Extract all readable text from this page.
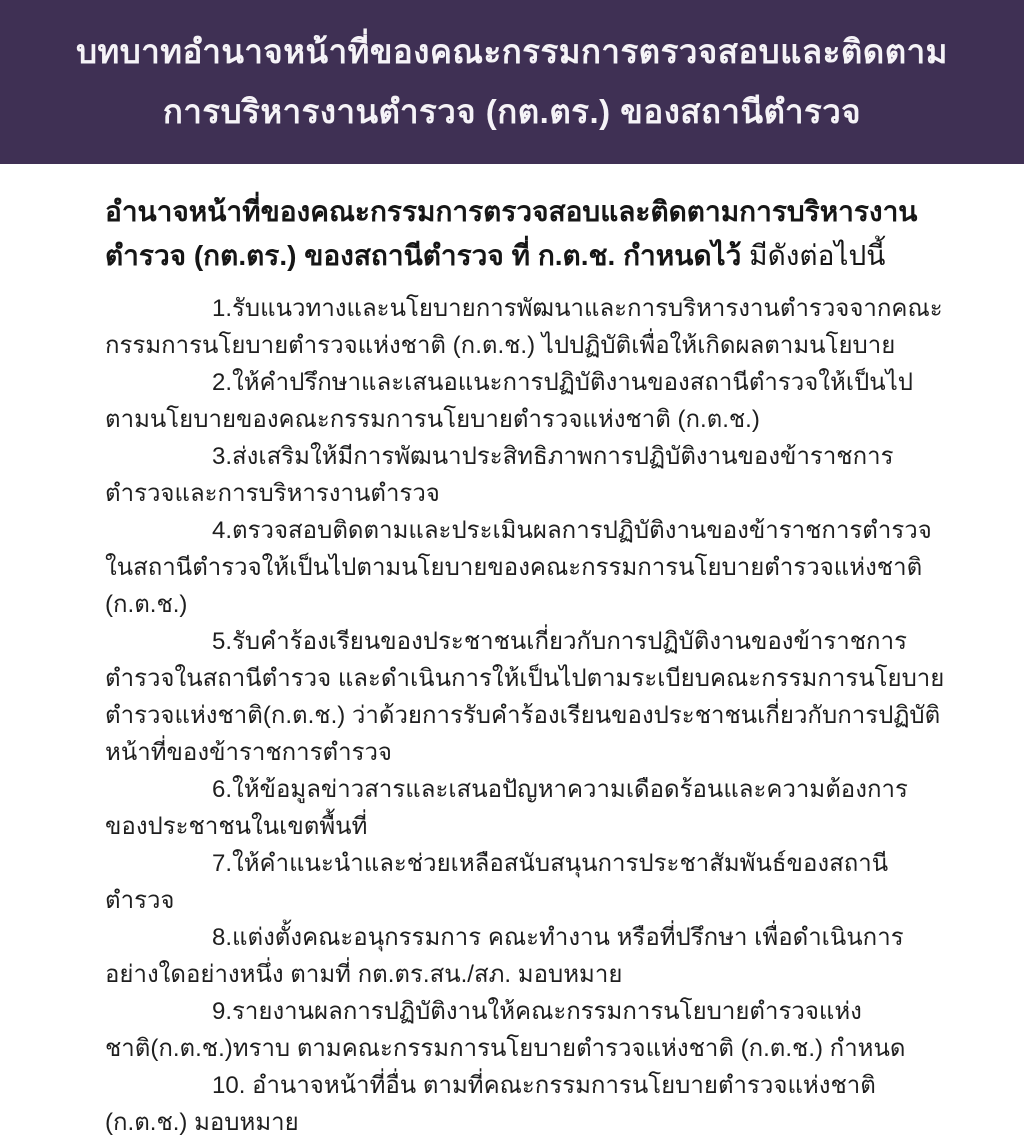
บทบาทอำนาจหน้าที่ของคณะกรรมการตรวจสอบและติดตาม
การบริหารงานตำรวจ (กต.ตร.) ของสถานีตำรวจ
อำนาจหน้าที่ของคณะกรรมการตรวจสอบและติดตามการบริหารงานตำรวจ (กต.ตร.) ของสถานีตำรวจ ที่ ก.ต.ช. กำหนดไว้ มีดังต่อไปนี้

1.รับแนวทางและนโยบายการพัฒนาและการบริหารงานตำรวจจากคณะกรรมการนโยบายตำรวจแห่งชาติ (ก.ต.ช.) ไปปฏิบัติเพื่อให้เกิดผลตามนโยบาย

2.ให้คำปรึกษาและเสนอแนะการปฏิบัติงานของสถานีตำรวจให้เป็นไปตามนโยบายของคณะกรรมการนโยบายตำรวจแห่งชาติ (ก.ต.ช.)

3.ส่งเสริมให้มีการพัฒนาประสิทธิภาพการปฏิบัติงานของข้าราชการตำรวจและการบริหารงานตำรวจ

4.ตรวจสอบติดตามและประเมินผลการปฏิบัติงานของข้าราชการตำรวจในสถานีตำรวจให้เป็นไปตามนโยบายของคณะกรรมการนโยบายตำรวจแห่งชาติ (ก.ต.ช.)

5.รับคำร้องเรียนของประชาชนเกี่ยวกับการปฏิบัติงานของข้าราชการตำรวจในสถานีตำรวจ และดำเนินการให้เป็นไปตามระเบียบคณะกรรมการนโยบายตำรวจแห่งชาติ(ก.ต.ช.) ว่าด้วยการรับคำร้องเรียนของประชาชนเกี่ยวกับการปฏิบัติหน้าที่ของข้าราชการตำรวจ

6.ให้ข้อมูลข่าวสารและเสนอปัญหาความเดือดร้อนและความต้องการของประชาชนในเขตพื้นที่

7.ให้คำแนะนำและช่วยเหลือสนับสนุนการประชาสัมพันธ์ของสถานีตำรวจ

8.แต่งตั้งคณะอนุกรรมการ คณะทำงาน หรือที่ปรึกษา เพื่อดำเนินการอย่างใดอย่างหนึ่ง ตามที่ กต.ตร.สน./สภ. มอบหมาย

9.รายงานผลการปฏิบัติงานให้คณะกรรมการนโยบายตำรวจแห่งชาติ(ก.ต.ช.)ทราบ ตามคณะกรรมการนโยบายตำรวจแห่งชาติ (ก.ต.ช.) กำหนด

10. อำนาจหน้าที่อื่น ตามที่คณะกรรมการนโยบายตำรวจแห่งชาติ (ก.ต.ช.) มอบหมาย
